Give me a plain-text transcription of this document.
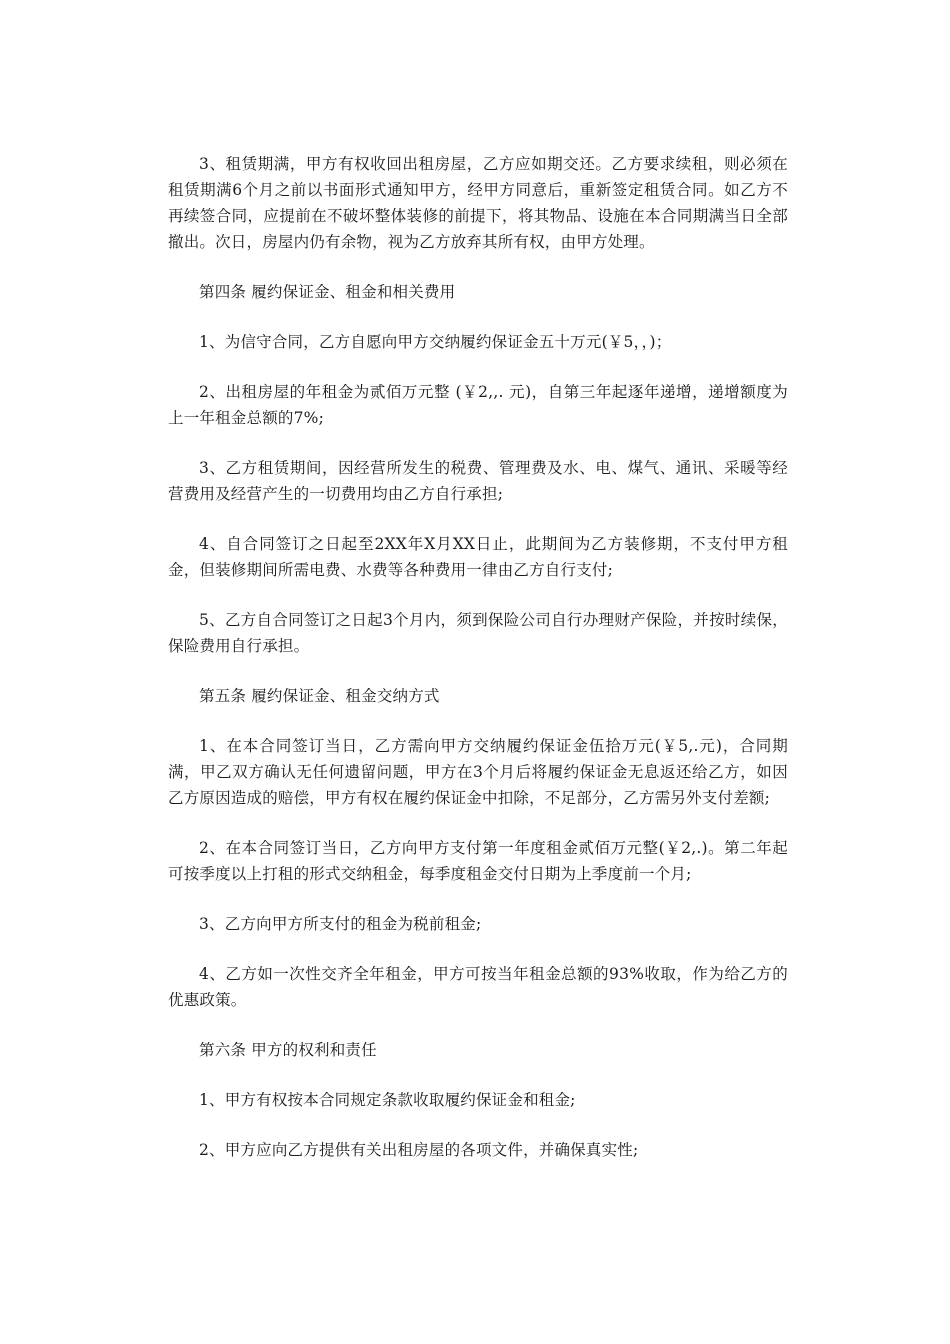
3、租赁期满，甲方有权收回出租房屋，乙方应如期交还。乙方要求续租，则必须在租赁期满6个月之前以书面形式通知甲方，经甲方同意后，重新签定租赁合同。如乙方不再续签合同，应提前在不破坏整体装修的前提下，将其物品、设施在本合同期满当日全部撤出。次日，房屋内仍有余物，视为乙方放弃其所有权，由甲方处理。

第四条 履约保证金、租金和相关费用

1、为信守合同，乙方自愿向甲方交纳履约保证金五十万元(￥5，，)；

2、出租房屋的年租金为贰佰万元整 (￥2,,. 元)，自第三年起逐年递增，递增额度为上一年租金总额的7%;

3、乙方租赁期间，因经营所发生的税费、管理费及水、电、煤气、通讯、采暖等经营费用及经营产生的一切费用均由乙方自行承担;

4、自合同签订之日起至2XX年X月XX日止，此期间为乙方装修期，不支付甲方租金，但装修期间所需电费、水费等各种费用一律由乙方自行支付;

5、乙方自合同签订之日起3个月内，须到保险公司自行办理财产保险，并按时续保，保险费用自行承担。

第五条 履约保证金、租金交纳方式

1、在本合同签订当日，乙方需向甲方交纳履约保证金伍拾万元(￥5,.元)，合同期满，甲乙双方确认无任何遗留问题，甲方在3个月后将履约保证金无息返还给乙方，如因乙方原因造成的赔偿，甲方有权在履约保证金中扣除，不足部分，乙方需另外支付差额;

2、在本合同签订当日，乙方向甲方支付第一年度租金贰佰万元整(￥2,.)。第二年起可按季度以上打租的形式交纳租金，每季度租金交付日期为上季度前一个月;

3、乙方向甲方所支付的租金为税前租金;

4、乙方如一次性交齐全年租金，甲方可按当年租金总额的93%收取，作为给乙方的优惠政策。

第六条 甲方的权利和责任

1、甲方有权按本合同规定条款收取履约保证金和租金;

2、甲方应向乙方提供有关出租房屋的各项文件，并确保真实性;
